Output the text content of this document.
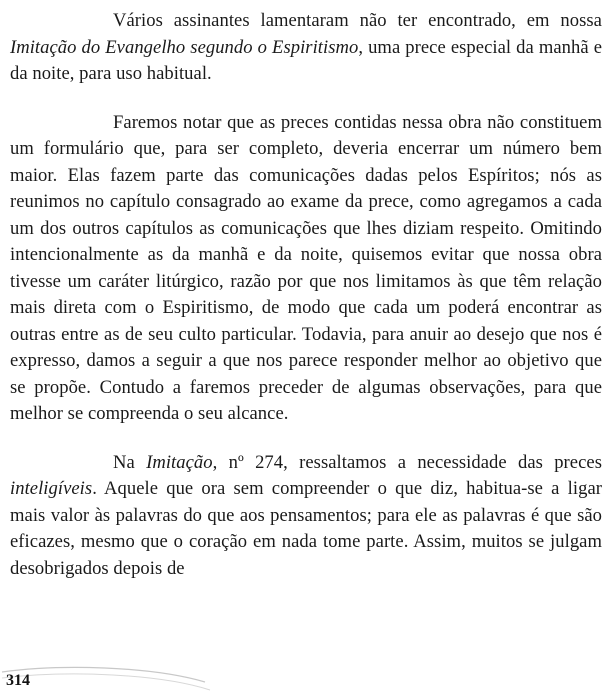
Vários assinantes lamentaram não ter encontrado, em nossa Imitação do Evangelho segundo o Espiritismo, uma prece especial da manhã e da noite, para uso habitual.

Faremos notar que as preces contidas nessa obra não constituem um formulário que, para ser completo, deveria encerrar um número bem maior. Elas fazem parte das comunicações dadas pelos Espíritos; nós as reunimos no capítulo consagrado ao exame da prece, como agregamos a cada um dos outros capítulos as comunicações que lhes diziam respeito. Omitindo intencionalmente as da manhã e da noite, quisemos evitar que nossa obra tivesse um caráter litúrgico, razão por que nos limitamos às que têm relação mais direta com o Espiritismo, de modo que cada um poderá encontrar as outras entre as de seu culto particular. Todavia, para anuir ao desejo que nos é expresso, damos a seguir a que nos parece responder melhor ao objetivo que se propõe. Contudo a faremos preceder de algumas observações, para que melhor se compreenda o seu alcance.

Na Imitação, nº 274, ressaltamos a necessidade das preces inteligíveis. Aquele que ora sem compreender o que diz, habitua-se a ligar mais valor às palavras do que aos pensamentos; para ele as palavras é que são eficazes, mesmo que o coração em nada tome parte. Assim, muitos se julgam desobrigados depois de

314
